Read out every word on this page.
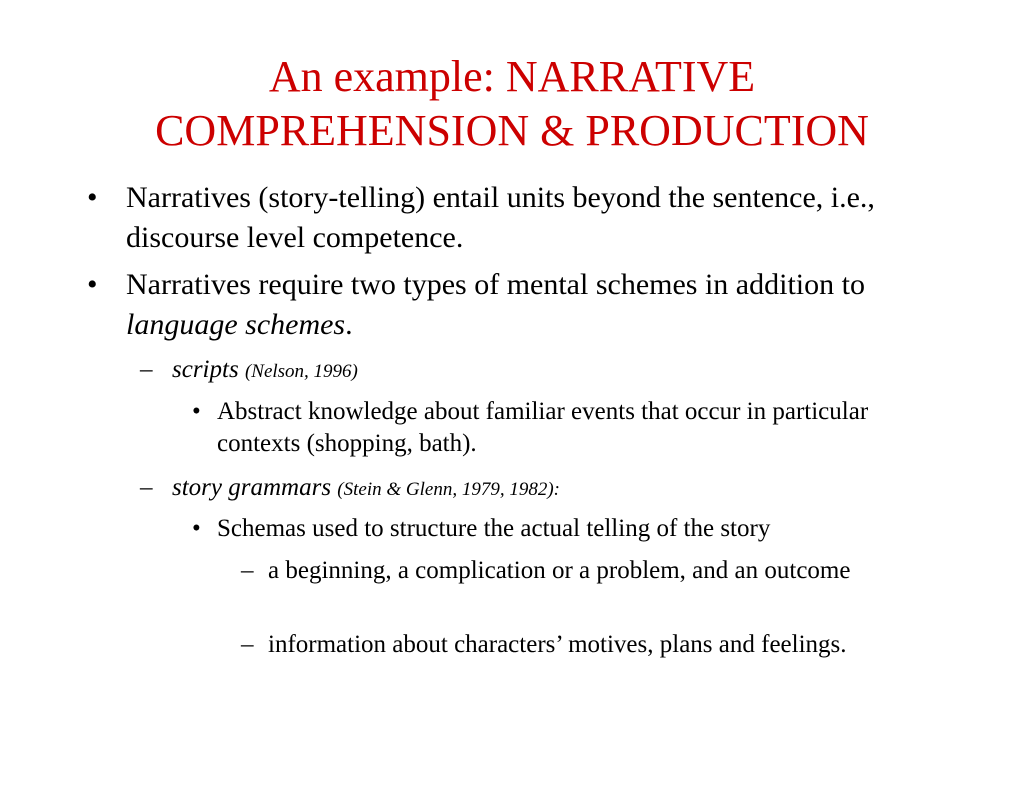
An example: NARRATIVE
COMPREHENSION & PRODUCTION
• Narratives (story-telling) entail units beyond the sentence, i.e., discourse level competence.
• Narratives require two types of mental schemes in addition to language schemes.
– scripts (Nelson, 1996)
• Abstract knowledge about familiar events that occur in particular contexts (shopping, bath).
– story grammars (Stein & Glenn, 1979, 1982):
• Schemas used to structure the actual telling of the story
– a beginning, a complication or a problem, and an outcome
– information about characters’ motives, plans and feelings.
